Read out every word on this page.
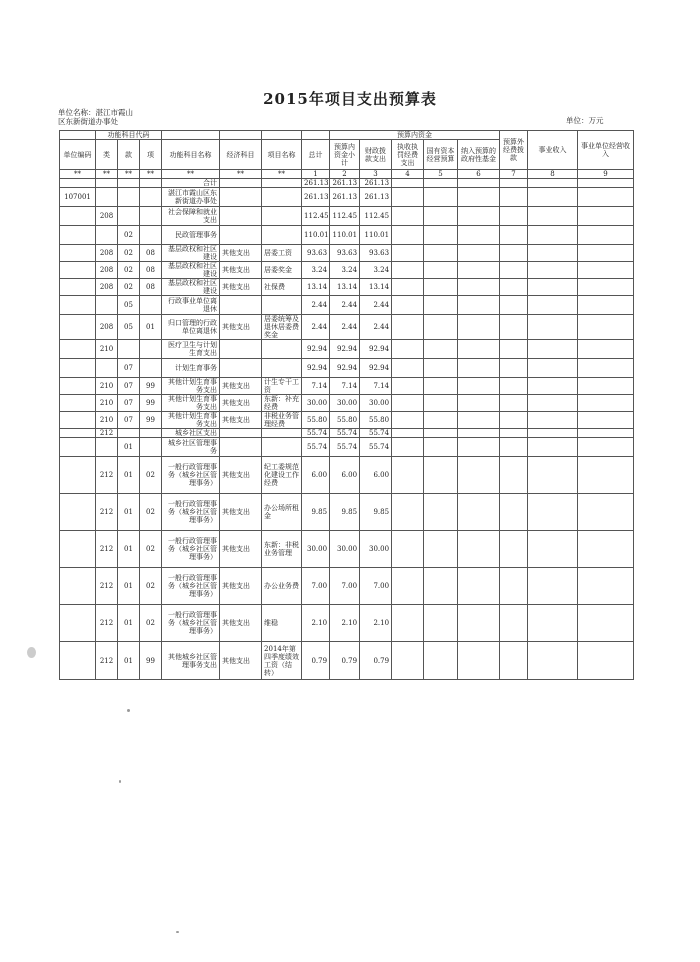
2015年项目支出预算表
单位名称：湛江市霞山
区东新街道办事处	单位：万元
	功能科目代码							预算内资金					预算外经费拨款	事业收入	事业单位经营收入
单位编码	类	款	项	功能科目名称	经济科目	项目名称	总计	预算内资金小计	财政拨款支出	执收执罚经费支出	国有资本经营预算	纳入预算的政府性基金			
**	**	**	**	**	**	**	1	2	3	4	5	6	7	8	9
				合计			261.13	261.13	261.13						
107001				湛江市霞山区东新街道办事处			261.13	261.13	261.13						
	208			社会保障和就业支出			112.45	112.45	112.45						
		02		民政管理事务			110.01	110.01	110.01						
	208	02	08	基层政权和社区建设	其他支出	居委工资	93.63	93.63	93.63						
	208	02	08	基层政权和社区建设	其他支出	居委奖金	3.24	3.24	3.24						
	208	02	08	基层政权和社区建设	其他支出	社保费	13.14	13.14	13.14						
		05		行政事业单位离退休			2.44	2.44	2.44						
	208	05	01	归口管理的行政单位离退休	其他支出	居委统筹及退休居委费奖金	2.44	2.44	2.44						
	210			医疗卫生与计划生育支出			92.94	92.94	92.94						
		07		计划生育事务			92.94	92.94	92.94						
	210	07	99	其他计划生育事务支出	其他支出	计生专干工资	7.14	7.14	7.14						
	210	07	99	其他计划生育事务支出	其他支出	东新：补充经费	30.00	30.00	30.00						
	210	07	99	其他计划生育事务支出	其他支出	非税业务管理经费	55.80	55.80	55.80						
	212			城乡社区支出			55.74	55.74	55.74						
		01		城乡社区管理事务			55.74	55.74	55.74						
	212	01	02	一般行政管理事务（城乡社区管理事务）	其他支出	纪工委规范化建设工作经费	6.00	6.00	6.00						
	212	01	02	一般行政管理事务（城乡社区管理事务）	其他支出	办公场所租金	9.85	9.85	9.85						
	212	01	02	一般行政管理事务（城乡社区管理事务）	其他支出	东新：非税业务管理	30.00	30.00	30.00						
	212	01	02	一般行政管理事务（城乡社区管理事务）	其他支出	办公业务费	7.00	7.00	7.00						
	212	01	02	一般行政管理事务（城乡社区管理事务）	其他支出	维稳	2.10	2.10	2.10						
	212	01	99	其他城乡社区管理事务支出	其他支出	2014年第四季度绩效工资（结转）	0.79	0.79	0.79						
